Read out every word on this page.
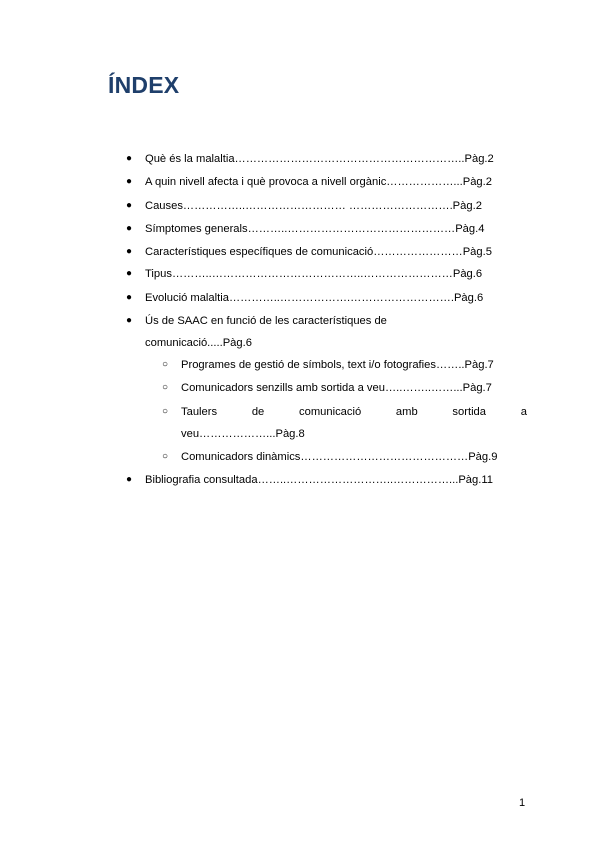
ÍNDEX
● Què és la malaltia……………………………………………………..Pàg.2
● A quin nivell afecta i què provoca a nivell orgànic………………...Pàg.2
● Causes……………..……………………… ……………………….Pàg.2
● Símptomes generals………..………………………………………Pàg.4
● Característiques específiques de comunicació……………………Pàg.5
● Tipus………..…………………………………..……………………Pàg.6
● Evolució malaltia…………..……………….……………………….Pàg.6
● Ús de SAAC en funció de les característiques de
comunicació.....Pàg.6
○ Programes de gestió de símbols, text i/o fotografies……..Pàg.7
○ Comunicadors senzills amb sortida a veu…..……..……...Pàg.7
○ Taulers	de	comunicació	amb	sortida	a
veu………………...Pàg.8
○ Comunicadors dinàmics………………………………………Pàg.9
● Bibliografia consultada……..………………………..……………...Pàg.11
1
